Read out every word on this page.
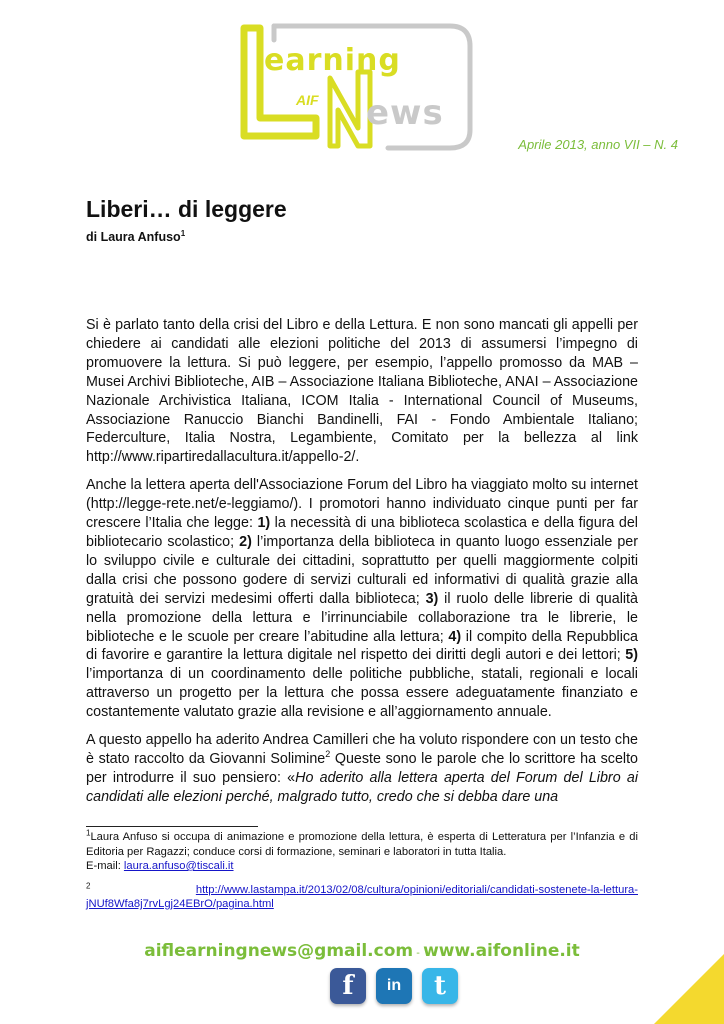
earning
AIF ews
Aprile 2013, anno VII – N. 4
Liberi… di leggere
di Laura Anfuso$^1$

Si è parlato tanto della crisi del Libro e della Lettura. E non sono mancati gli appelli per chiedere ai candidati alle elezioni politiche del 2013 di assumersi l’impegno di promuovere la lettura. Si può leggere, per esempio, l’appello promosso da MAB – Musei Archivi Biblioteche, AIB – Associazione Italiana Biblioteche, ANAI – Associazione Nazionale Archivistica Italiana, ICOM Italia - International Council of Museums, Associazione Ranuccio Bianchi Bandinelli, FAI - Fondo Ambientale Italiano; Federculture, Italia Nostra, Legambiente, Comitato per la bellezza al link http://www.ripartiredallacultura.it/appello-2/.

Anche la lettera aperta dell'Associazione Forum del Libro ha viaggiato molto su internet (http://legge-rete.net/e-leggiamo/). I promotori hanno individuato cinque punti per far crescere l’Italia che legge: 1) la necessità di una biblioteca scolastica e della figura del bibliotecario scolastico; 2) l’importanza della biblioteca in quanto luogo essenziale per lo sviluppo civile e culturale dei cittadini, soprattutto per quelli maggiormente colpiti dalla crisi che possono godere di servizi culturali ed informativi di qualità grazie alla gratuità dei servizi medesimi offerti dalla biblioteca; 3) il ruolo delle librerie di qualità nella promozione della lettura e l’irrinunciabile collaborazione tra le librerie, le biblioteche e le scuole per creare l’abitudine alla lettura; 4) il compito della Repubblica di favorire e garantire la lettura digitale nel rispetto dei diritti degli autori e dei lettori; 5) l’importanza di un coordinamento delle politiche pubbliche, statali, regionali e locali attraverso un progetto per la lettura che possa essere adeguatamente finanziato e costantemente valutato grazie alla revisione e all’aggiornamento annuale.

A questo appello ha aderito Andrea Camilleri che ha voluto rispondere con un testo che è stato raccolto da Giovanni Solimine$^2$ Queste sono le parole che lo scrittore ha scelto per introdurre il suo pensiero: «Ho aderito alla lettera aperta del Forum del Libro ai candidati alle elezioni perché, malgrado tutto, credo che si debba dare una

$^1$Laura Anfuso si occupa di animazione e promozione della lettura, è esperta di Letteratura per l’Infanzia e di Editoria per Ragazzi; conduce corsi di formazione, seminari e laboratori in tutta Italia.
E-mail: laura.anfuso@tiscali.it

$^2$	http://www.lastampa.it/2013/02/08/cultura/opinioni/editoriali/candidati-sostenete-la-lettura-jNUf8Wfa8j7rvLgj24EBrO/pagina.html

aiflearningnews@gmail.com - www.aifonline.it
f	in	t
